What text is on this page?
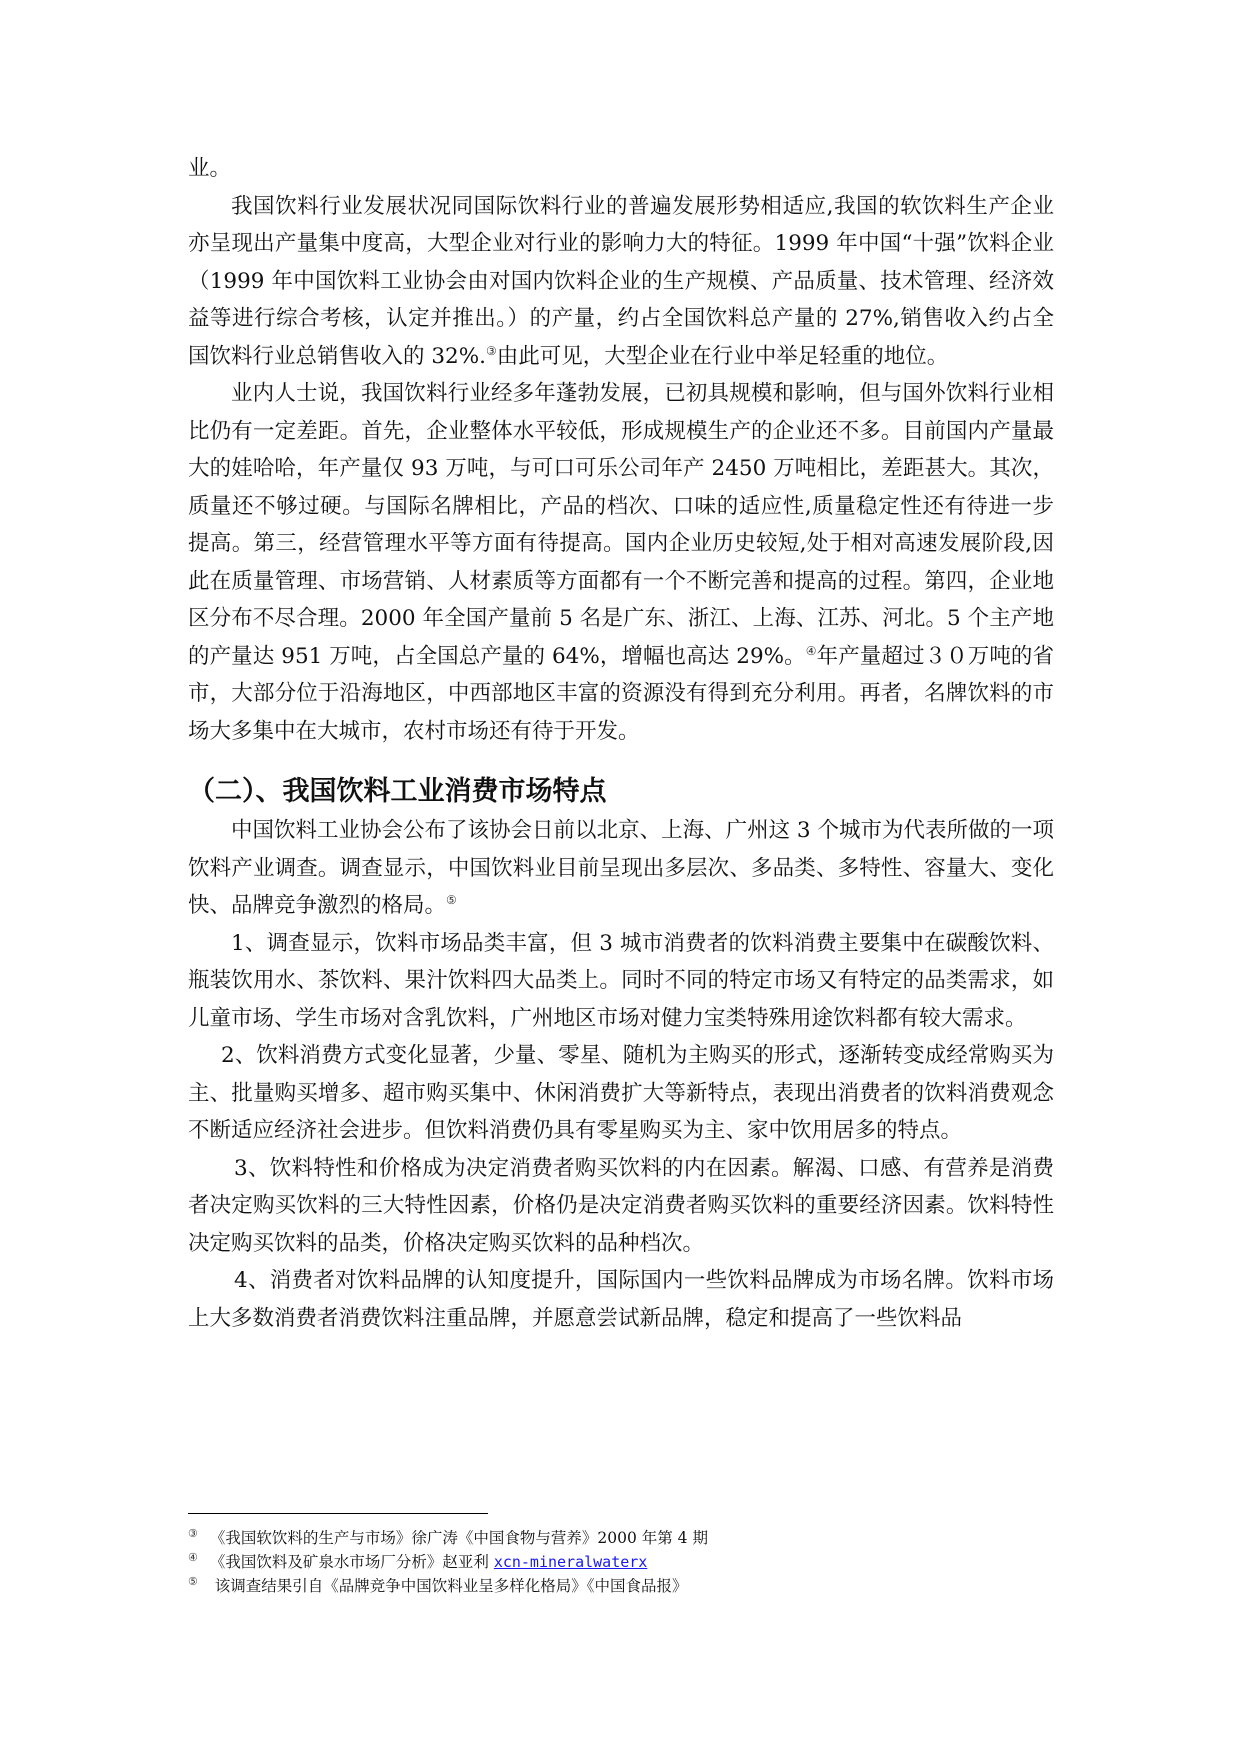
业。

我国饮料行业发展状况同国际饮料行业的普遍发展形势相适应,我国的软饮料生产企业亦呈现出产量集中度高，大型企业对行业的影响力大的特征。1999 年中国“十强”饮料企业（1999 年中国饮料工业协会由对国内饮料企业的生产规模、产品质量、技术管理、经济效益等进行综合考核，认定并推出。）的产量，约占全国饮料总产量的 27%,销售收入约占全国饮料行业总销售收入的 32%.③由此可见，大型企业在行业中举足轻重的地位。

业内人士说，我国饮料行业经多年蓬勃发展，已初具规模和影响，但与国外饮料行业相比仍有一定差距。首先，企业整体水平较低，形成规模生产的企业还不多。目前国内产量最大的娃哈哈，年产量仅 93 万吨，与可口可乐公司年产 2450 万吨相比，差距甚大。其次，质量还不够过硬。与国际名牌相比，产品的档次、口味的适应性,质量稳定性还有待进一步提高。第三，经营管理水平等方面有待提高。国内企业历史较短,处于相对高速发展阶段,因此在质量管理、市场营销、人材素质等方面都有一个不断完善和提高的过程。第四，企业地区分布不尽合理。2000 年全国产量前 5 名是广东、浙江、上海、江苏、河北。5 个主产地的产量达 951 万吨，占全国总产量的 64%，增幅也高达 29%。④年产量超过３０万吨的省市，大部分位于沿海地区，中西部地区丰富的资源没有得到充分利用。再者，名牌饮料的市场大多集中在大城市，农村市场还有待于开发。

（二）、我国饮料工业消费市场特点

中国饮料工业协会公布了该协会日前以北京、上海、广州这 3 个城市为代表所做的一项饮料产业调查。调查显示，中国饮料业目前呈现出多层次、多品类、多特性、容量大、变化快、品牌竞争激烈的格局。⑤

1、调查显示，饮料市场品类丰富，但 3 城市消费者的饮料消费主要集中在碳酸饮料、瓶装饮用水、茶饮料、果汁饮料四大品类上。同时不同的特定市场又有特定的品类需求，如儿童市场、学生市场对含乳饮料，广州地区市场对健力宝类特殊用途饮料都有较大需求。

2、饮料消费方式变化显著，少量、零星、随机为主购买的形式，逐渐转变成经常购买为主、批量购买增多、超市购买集中、休闲消费扩大等新特点，表现出消费者的饮料消费观念不断适应经济社会进步。但饮料消费仍具有零星购买为主、家中饮用居多的特点。

3、饮料特性和价格成为决定消费者购买饮料的内在因素。解渴、口感、有营养是消费者决定购买饮料的三大特性因素，价格仍是决定消费者购买饮料的重要经济因素。饮料特性决定购买饮料的品类，价格决定购买饮料的品种档次。

4、消费者对饮料品牌的认知度提升，国际国内一些饮料品牌成为市场名牌。饮料市场上大多数消费者消费饮料注重品牌，并愿意尝试新品牌，稳定和提高了一些饮料品

③ 《我国软饮料的生产与市场》徐广涛《中国食物与营养》2000 年第 4 期

④ 《我国饮料及矿泉水市场厂分析》赵亚利 xcn-mineralwaterx

⑤ 该调查结果引自《品牌竞争中国饮料业呈多样化格局》《中国食品报》
